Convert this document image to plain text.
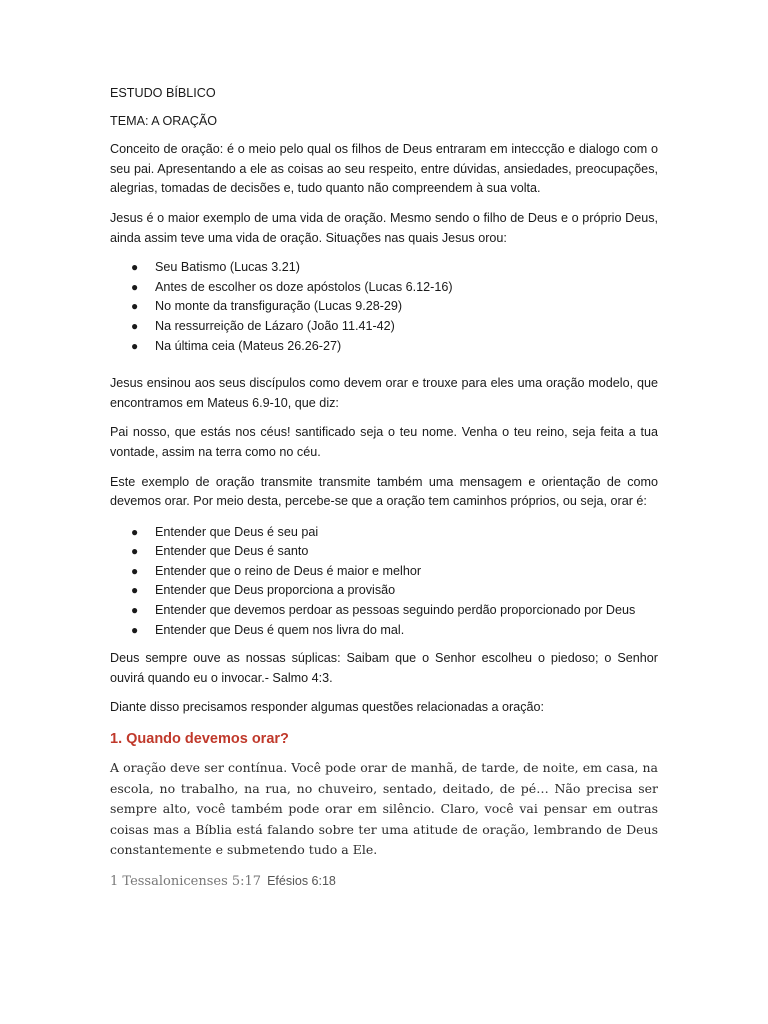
ESTUDO BÍBLICO

TEMA: A ORAÇÃO

Conceito de oração: é o meio pelo qual os filhos de Deus entraram em inteccção e dialogo com o seu pai. Apresentando a ele as coisas ao seu respeito, entre dúvidas, ansiedades, preocupações, alegrias, tomadas de decisões e, tudo quanto não compreendem à sua volta.

Jesus é o maior exemplo de uma vida de oração. Mesmo sendo o filho de Deus e o próprio Deus, ainda assim teve uma vida de oração. Situações nas quais Jesus orou:

● Seu Batismo (Lucas 3.21)
● Antes de escolher os doze apóstolos (Lucas 6.12-16)
● No monte da transfiguração (Lucas 9.28-29)
● Na ressurreição de Lázaro (João 11.41-42)
● Na última ceia (Mateus 26.26-27)

Jesus ensinou aos seus discípulos como devem orar e trouxe para eles uma oração modelo, que encontramos em Mateus 6.9-10, que diz:

Pai nosso, que estás nos céus! santificado seja o teu nome. Venha o teu reino, seja feita a tua vontade, assim na terra como no céu.

Este exemplo de oração transmite transmite também uma mensagem e orientação de como devemos orar. Por meio desta, percebe-se que a oração tem caminhos próprios, ou seja, orar é:

● Entender que Deus é seu pai
● Entender que Deus é santo
● Entender que o reino de Deus é maior e melhor
● Entender que Deus proporciona a provisão
● Entender que devemos perdoar as pessoas seguindo perdão proporcionado por Deus
● Entender que Deus é quem nos livra do mal.

Deus sempre ouve as nossas súplicas: Saibam que o Senhor escolheu o piedoso; o Senhor ouvirá quando eu o invocar.- Salmo 4:3.

Diante disso precisamos responder algumas questões relacionadas a oração:

1. Quando devemos orar?

A oração deve ser contínua. Você pode orar de manhã, de tarde, de noite, em casa, na escola, no trabalho, na rua, no chuveiro, sentado, deitado, de pé… Não precisa ser sempre alto, você também pode orar em silêncio. Claro, você vai pensar em outras coisas mas a Bíblia está falando sobre ter uma atitude de oração, lembrando de Deus constantemente e submetendo tudo a Ele.

1 Tessalonicenses 5:17 Efésios 6:18
